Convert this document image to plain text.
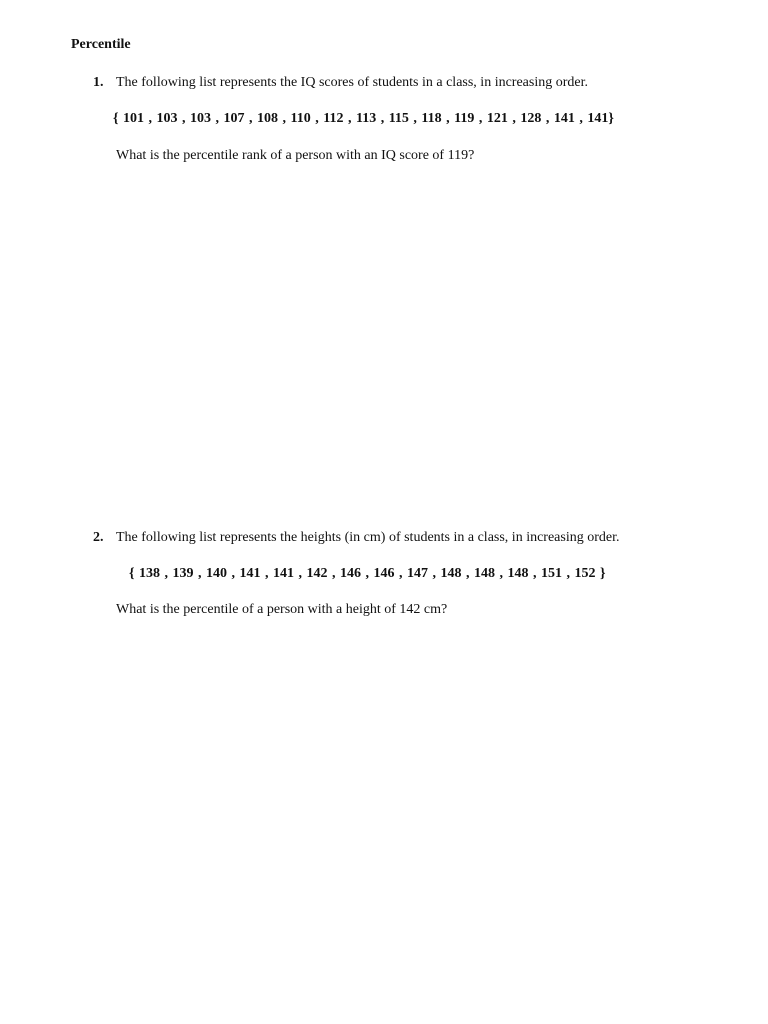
Percentile
1. The following list represents the IQ scores of students in a class, in increasing order.
{ 101 , 103 , 103 , 107 , 108 , 110 , 112 , 113 , 115 , 118 , 119 , 121 , 128 , 141 , 141}
What is the percentile rank of a person with an IQ score of 119?
2. The following list represents the heights (in cm) of students in a class, in increasing order.
{ 138 , 139 , 140 , 141 , 141 , 142 , 146 , 146 , 147 , 148 , 148 , 148 , 151 , 152 }
What is the percentile of a person with a height of 142 cm?
